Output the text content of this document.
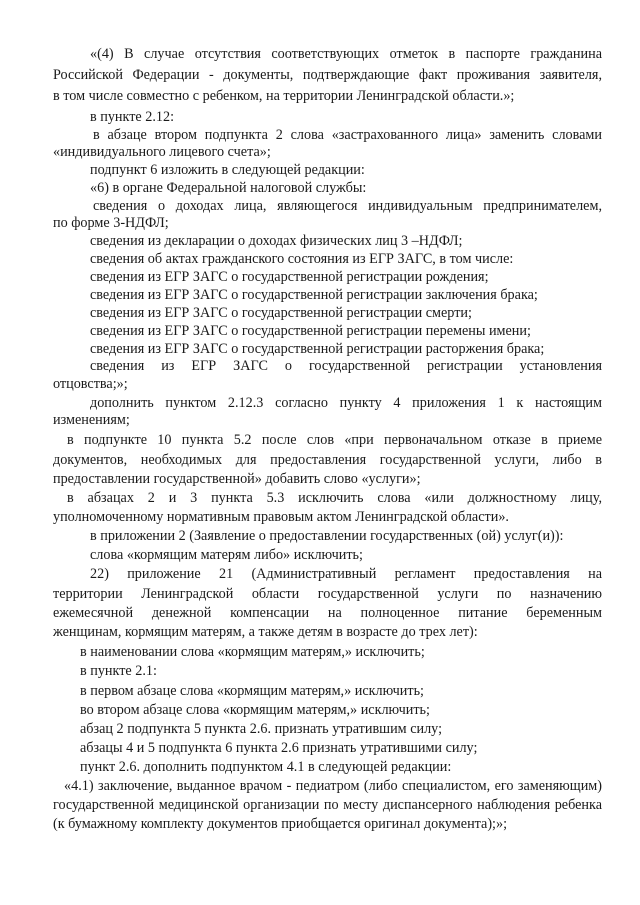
«(4) В случае отсутствия соответствующих отметок в паспорте гражданина

Российской Федерации - документы, подтверждающие факт проживания заявителя,

в том числе совместно с ребенком, на территории Ленинградской области.»;

в пункте 2.12:

в абзаце втором подпункта 2 слова «застрахованного лица» заменить словами

«индивидуального лицевого счета»;

подпункт 6 изложить в следующей редакции:

«6) в органе Федеральной налоговой службы:

сведения о доходах лица, являющегося индивидуальным предпринимателем,

по форме 3-НДФЛ;

сведения из декларации о доходах физических лиц 3 –НДФЛ;

сведения об актах гражданского состояния из ЕГР ЗАГС, в том числе:

сведения из ЕГР ЗАГС о государственной регистрации рождения;

сведения из ЕГР ЗАГС о государственной регистрации заключения брака;

сведения из ЕГР ЗАГС о государственной регистрации смерти;

сведения из ЕГР ЗАГС о государственной регистрации перемены имени;

сведения из ЕГР ЗАГС о государственной регистрации расторжения брака;

сведения из ЕГР ЗАГС о государственной регистрации установления

отцовства;»;

дополнить пунктом 2.12.3 согласно пункту 4 приложения 1 к настоящим

изменениям;

в подпункте 10 пункта 5.2 после слов «при первоначальном отказе в приеме

документов, необходимых для предоставления государственной услуги, либо в

предоставлении государственной» добавить слово «услуги»;

в абзацах 2 и 3 пункта 5.3 исключить слова «или должностному лицу,

уполномоченному нормативным правовым актом Ленинградской области».

в приложении 2 (Заявление о предоставлении государственных (ой) услуг(и)):

слова «кормящим матерям либо» исключить;

22) приложение 21 (Административный регламент предоставления на

территории Ленинградской области государственной услуги по назначению

ежемесячной денежной компенсации на полноценное питание беременным

женщинам, кормящим матерям, а также детям в возрасте до трех лет):

в наименовании слова «кормящим матерям,» исключить;

в пункте 2.1:

в первом абзаце слова «кормящим матерям,» исключить;

во втором абзаце слова «кормящим матерям,» исключить;

абзац 2 подпункта 5 пункта 2.6. признать утратившим силу;

абзацы 4 и 5 подпункта 6 пункта 2.6 признать утратившими силу;

пункт 2.6. дополнить подпунктом 4.1 в следующей редакции:

«4.1) заключение, выданное врачом - педиатром (либо специалистом, его заменяющим)

государственной медицинской организации по месту диспансерного наблюдения ребенка

(к бумажному комплекту документов приобщается оригинал документа);»;
